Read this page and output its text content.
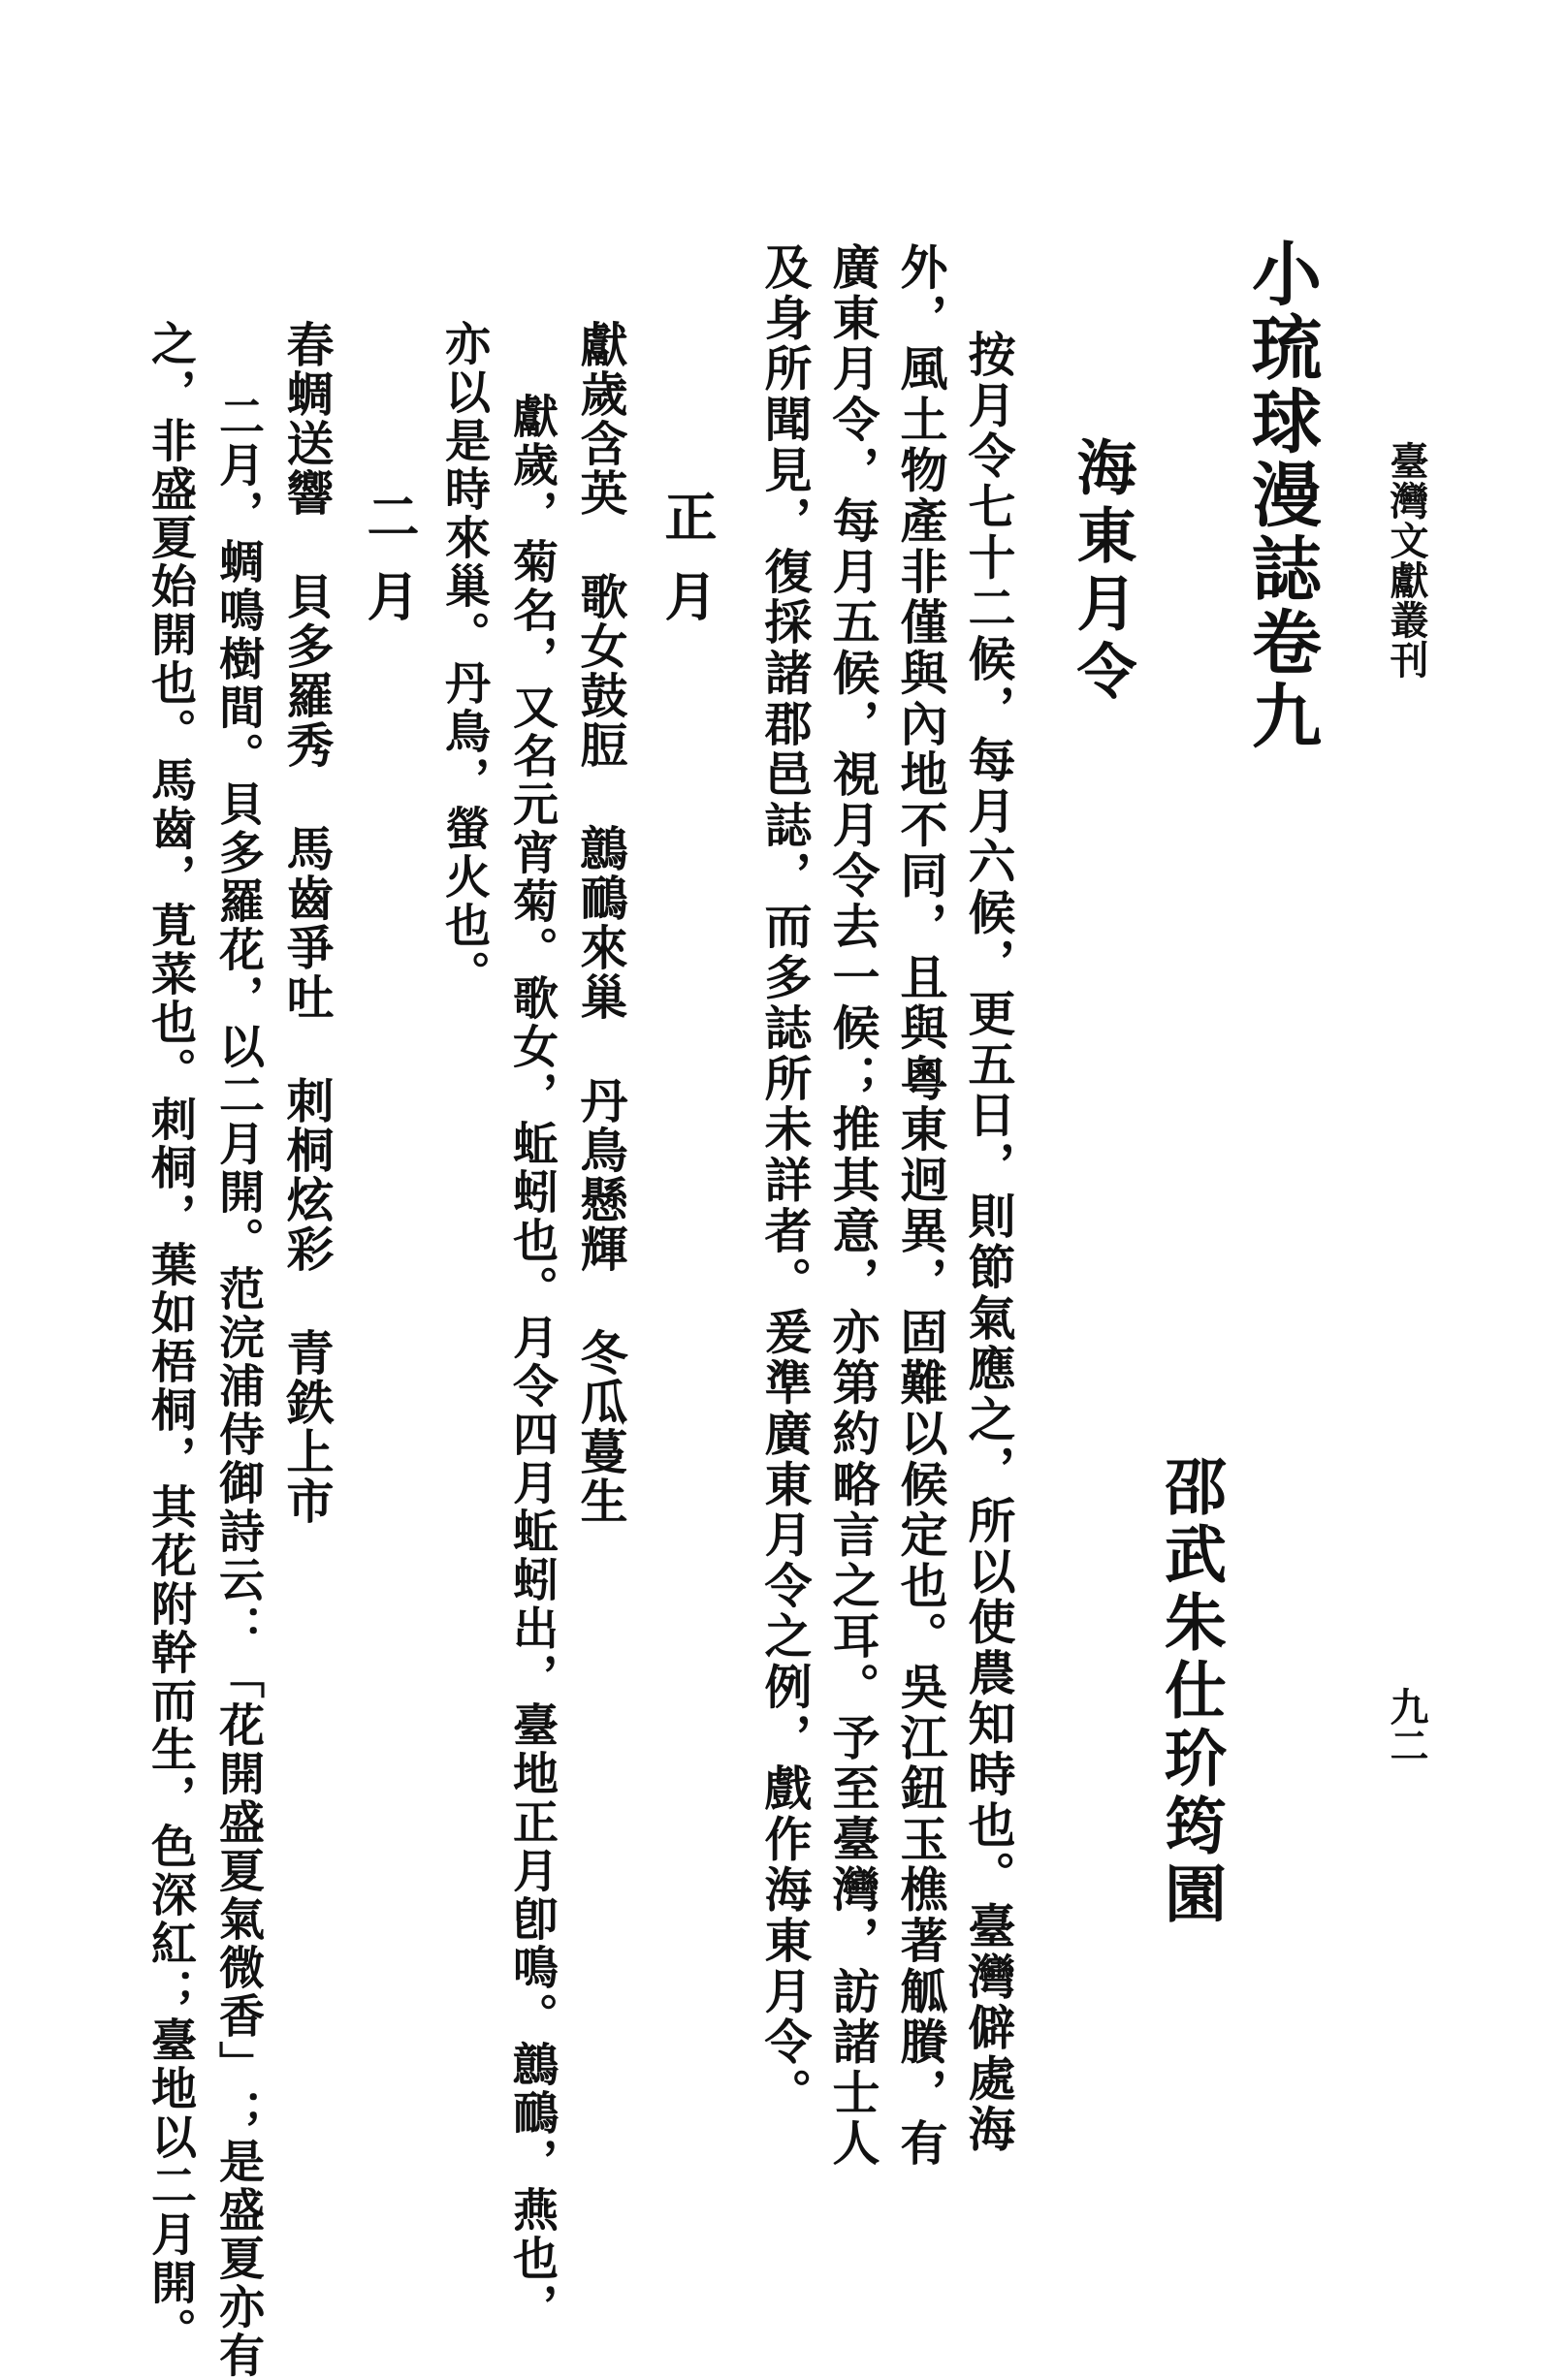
臺灣文獻叢刊
九二
小琉球漫誌卷九
海東月令
邵武朱仕玠筠園
按月令七十二候，每月六候，更五日，則節氣應之，所以使農知時也。臺灣僻處海
外，風土物產非僅與內地不同，且與粵東迥異，固難以候定也。吳江鈕玉樵著觚賸，有
廣東月令，每月五候，視月令去一候；推其意，亦第約略言之耳。予至臺灣，訪諸士人
及身所聞見，復採諸郡邑誌，而多誌所未詳者。爰準廣東月令之例，戲作海東月令。
正月
獻歲含英歌女鼓脰鷾鴯來巢丹鳥懸輝冬瓜蔓生
獻歲，菊名，又名元宵菊。歌女，蚯蚓也。月令四月蚯蚓出，臺地正月卽鳴。鷾鴯，燕也，
亦以是時來巢。丹鳥，螢火也。
二月
春蜩送響貝多羅秀馬齒爭吐刺桐炫彩青鉄上市
二月，蜩鳴樹間。貝多羅花，以二月開。范浣浦侍御詩云：「花開盛夏氣微香」；是盛夏亦有
之，非盛夏始開也。馬齒，莧菜也。刺桐，葉如梧桐，其花附幹而生，色深紅；臺地以二月開。
